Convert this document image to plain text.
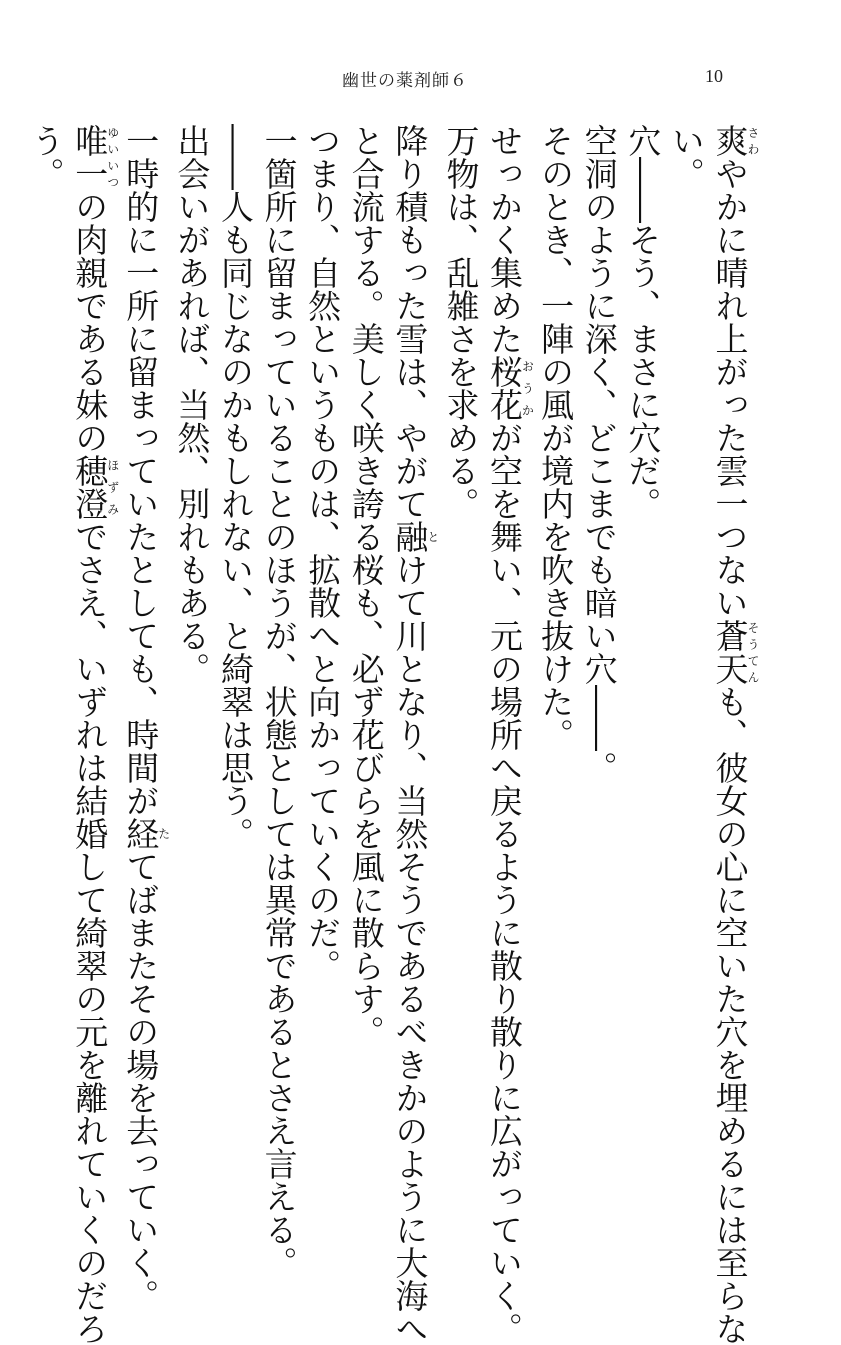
幽世の薬剤師６	10

爽さわやかに晴れ上がった雲一つない蒼天そうてんも、彼女の心に空いた穴を埋めるには至らな

い。

穴――そう、まさに穴だ。

空洞のように深く、どこまでも暗い穴――。

そのとき、一陣の風が境内を吹き抜けた。

せっかく集めた桜花おうかが空を舞い、元の場所へ戻るように散り散りに広がっていく。

万物は、乱雑さを求める。

降り積もった雪は、やがて融とけて川となり、当然そうであるべきかのように大海へ

と合流する。美しく咲き誇る桜も、必ず花びらを風に散らす。

つまり、自然というものは、拡散へと向かっていくのだ。

一箇所に留まっていることのほうが、状態としては異常であるとさえ言える。

――人も同じなのかもしれない、と綺翠は思う。

出会いがあれば、当然、別れもある。

一時的に一所に留まっていたとしても、時間が経たてばまたその場を去っていく。

唯一ゆいいつの肉親である妹の穂澄ほずみでさえ、いずれは結婚して綺翠の元を離れていくのだろ

う。
